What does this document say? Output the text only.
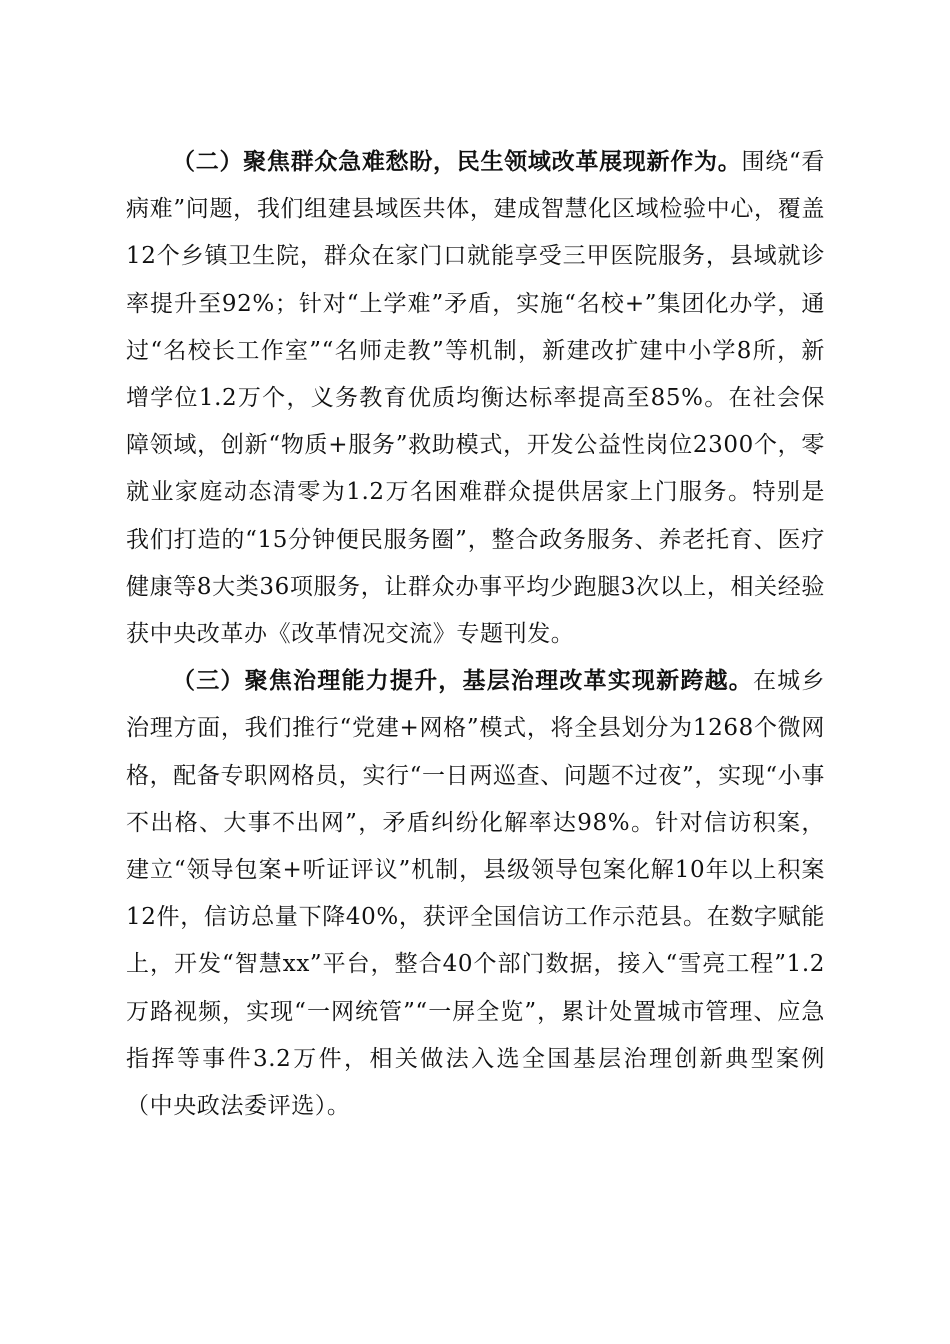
（二）聚焦群众急难愁盼，民生领域改革展现新作为。围绕“看病难”问题，我们组建县域医共体，建成智慧化区域检验中心，覆盖12个乡镇卫生院，群众在家门口就能享受三甲医院服务，县域就诊率提升至92%；针对“上学难”矛盾，实施“名校+”集团化办学，通过“名校长工作室”“名师走教”等机制，新建改扩建中小学8所，新增学位1.2万个，义务教育优质均衡达标率提高至85%。在社会保障领域，创新“物质+服务”救助模式，开发公益性岗位2300个，零就业家庭动态清零为1.2万名困难群众提供居家上门服务。特别是我们打造的“15分钟便民服务圈”，整合政务服务、养老托育、医疗健康等8大类36项服务，让群众办事平均少跑腿3次以上，相关经验获中央改革办《改革情况交流》专题刊发。

（三）聚焦治理能力提升，基层治理改革实现新跨越。在城乡治理方面，我们推行“党建+网格”模式，将全县划分为1268个微网格，配备专职网格员，实行“一日两巡查、问题不过夜”，实现“小事不出格、大事不出网”，矛盾纠纷化解率达98%。针对信访积案，建立“领导包案+听证评议”机制，县级领导包案化解10年以上积案12件，信访总量下降40%，获评全国信访工作示范县。在数字赋能上，开发“智慧xx”平台，整合40个部门数据，接入“雪亮工程”1.2万路视频，实现“一网统管”“一屏全览”，累计处置城市管理、应急指挥等事件3.2万件，相关做法入选全国基层治理创新典型案例（中央政法委评选）。
